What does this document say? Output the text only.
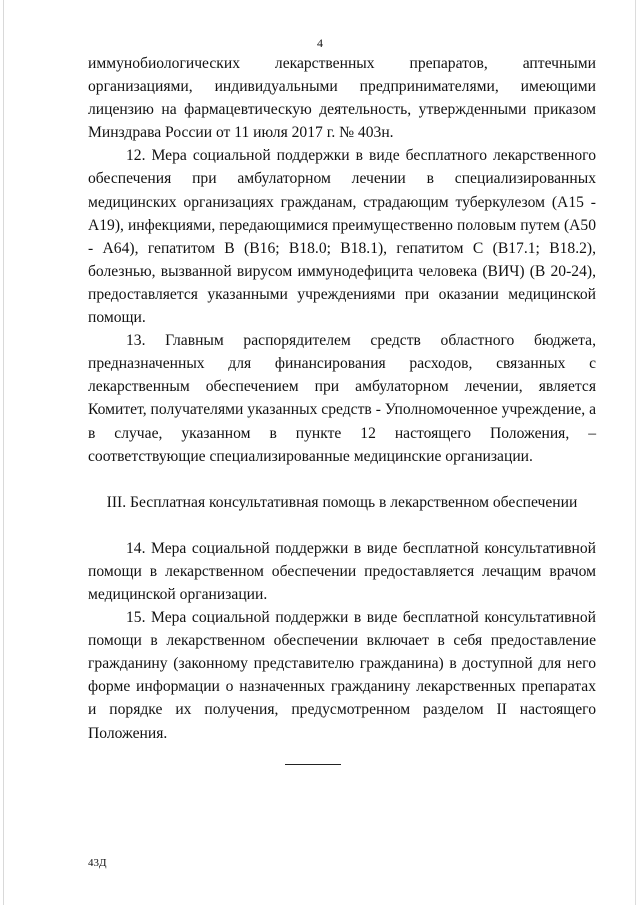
4

иммунобиологических лекарственных препаратов, аптечными организациями, индивидуальными предпринимателями, имеющими лицензию на фармацевтическую деятельность, утвержденными приказом Минздрава России от 11 июля 2017 г. № 403н.

12. Мера социальной поддержки в виде бесплатного лекарственного обеспечения при амбулаторном лечении в специализированных медицинских организациях гражданам, страдающим туберкулезом (А15 - А19), инфекциями, передающимися преимущественно половым путем (А50 - А64), гепатитом В (В16; В18.0; В18.1), гепатитом С (В17.1; В18.2), болезнью, вызванной вирусом иммунодефицита человека (ВИЧ) (В 20-24), предоставляется указанными учреждениями при оказании медицинской помощи.

13. Главным распорядителем средств областного бюджета, предназначенных для финансирования расходов, связанных с лекарственным обеспечением при амбулаторном лечении, является Комитет, получателями указанных средств - Уполномоченное учреждение, а в случае, указанном в пункте 12 настоящего Положения, – соответствующие специализированные медицинские организации.

III. Бесплатная консультативная помощь в лекарственном обеспечении

14. Мера социальной поддержки в виде бесплатной консультативной помощи в лекарственном обеспечении предоставляется лечащим врачом медицинской организации.

15. Мера социальной поддержки в виде бесплатной консультативной помощи в лекарственном обеспечении включает в себя предоставление гражданину (законному представителю гражданина) в доступной для него форме информации о назначенных гражданину лекарственных препаратах и порядке их получения, предусмотренном разделом II настоящего Положения.

43Д
